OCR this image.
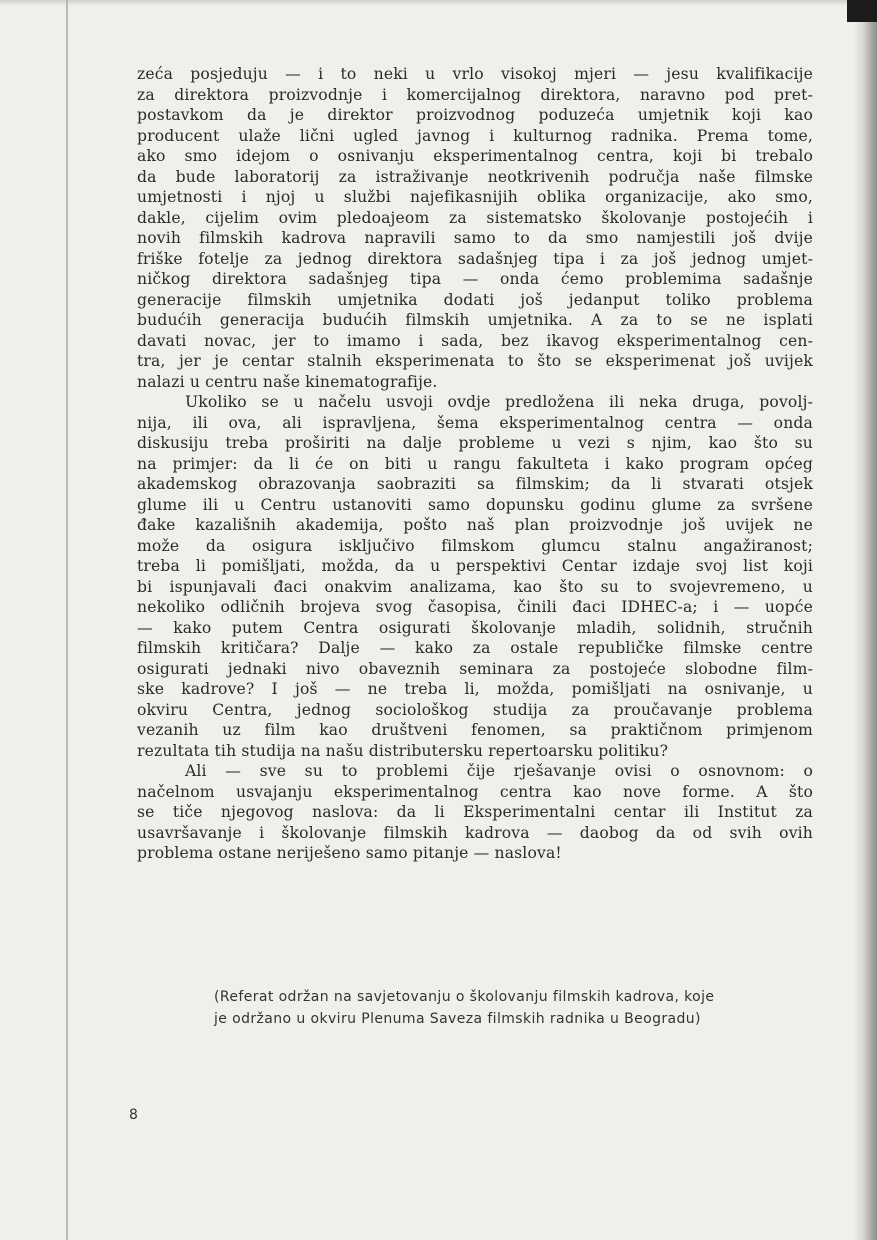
zeća posjeduju — i to neki u vrlo visokoj mjeri — jesu kvalifikacije
za direktora proizvodnje i komercijalnog direktora, naravno pod pret-
postavkom da je direktor proizvodnog poduzeća umjetnik koji kao
producent ulaže lični ugled javnog i kulturnog radnika. Prema tome,
ako smo idejom o osnivanju eksperimentalnog centra, koji bi trebalo
da bude laboratorij za istraživanje neotkrivenih područja naše filmske
umjetnosti i njoj u službi najefikasnijih oblika organizacije, ako smo,
dakle, cijelim ovim pledoajeom za sistematsko školovanje postojećih i
novih filmskih kadrova napravili samo to da smo namjestili još dvije
friške fotelje za jednog direktora sadašnjeg tipa i za još jednog umjet-
ničkog direktora sadašnjeg tipa — onda ćemo problemima sadašnje
generacije filmskih umjetnika dodati još jedanput toliko problema
budućih generacija budućih filmskih umjetnika. A za to se ne isplati
davati novac, jer to imamo i sada, bez ikavog eksperimentalnog cen-
tra, jer je centar stalnih eksperimenata to što se eksperimenat još uvijek
nalazi u centru naše kinematografije.
Ukoliko se u načelu usvoji ovdje predložena ili neka druga, povolj-
nija, ili ova, ali ispravljena, šema eksperimentalnog centra — onda
diskusiju treba proširiti na dalje probleme u vezi s njim, kao što su
na primjer: da li će on biti u rangu fakulteta i kako program općeg
akademskog obrazovanja saobraziti sa filmskim; da li stvarati otsjek
glume ili u Centru ustanoviti samo dopunsku godinu glume za svršene
đake kazališnih akademija, pošto naš plan proizvodnje još uvijek ne
može da osigura isključivo filmskom glumcu stalnu angažiranost;
treba li pomišljati, možda, da u perspektivi Centar izdaje svoj list koji
bi ispunjavali đaci onakvim analizama, kao što su to svojevremeno, u
nekoliko odličnih brojeva svog časopisa, činili đaci IDHEC-a; i — uopće
— kako putem Centra osigurati školovanje mladih, solidnih, stručnih
filmskih kritičara? Dalje — kako za ostale republičke filmske centre
osigurati jednaki nivo obaveznih seminara za postojeće slobodne film-
ske kadrove? I još — ne treba li, možda, pomišljati na osnivanje, u
okviru Centra, jednog sociološkog studija za proučavanje problema
vezanih uz film kao društveni fenomen, sa praktičnom primjenom
rezultata tih studija na našu distributersku repertoarsku politiku?
Ali — sve su to problemi čije rješavanje ovisi o osnovnom: o
načelnom usvajanju eksperimentalnog centra kao nove forme. A što
se tiče njegovog naslova: da li Eksperimentalni centar ili Institut za
usavršavanje i školovanje filmskih kadrova — daobog da od svih ovih
problema ostane neriješeno samo pitanje — naslova!
(Referat održan na savjetovanju o školovanju filmskih kadrova, koje
je održano u okviru Plenuma Saveza filmskih radnika u Beogradu)
8
